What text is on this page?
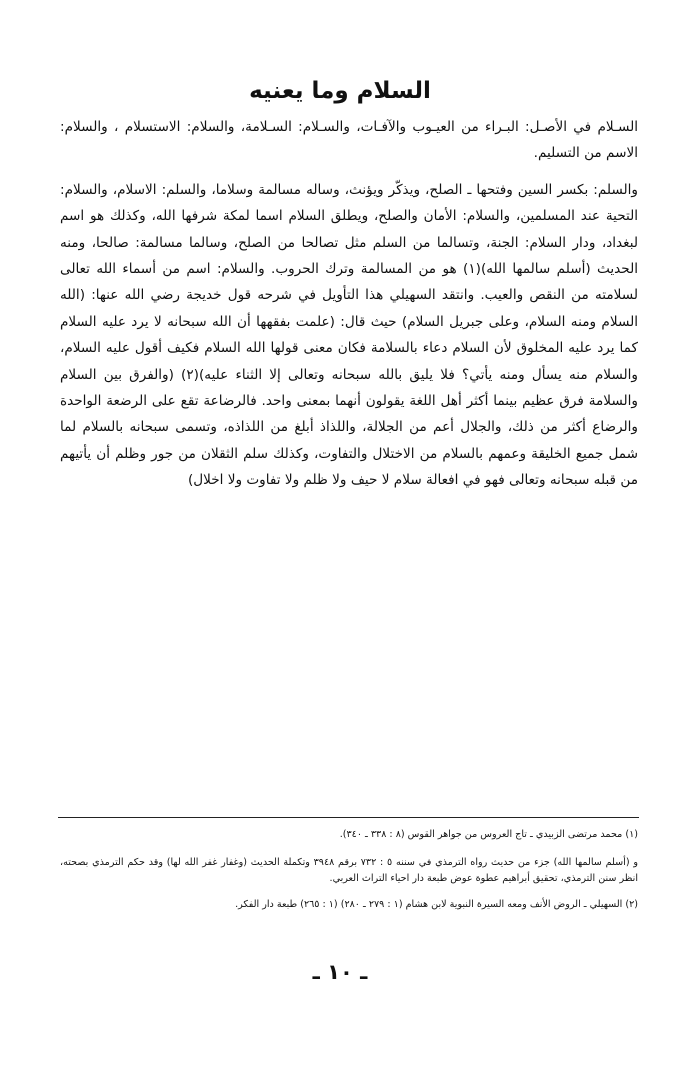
السلام وما يعنيه

السـلام في الأصـل: البـراء من العيـوب والآفـات، والسـلام: السـلامة، والسلام: الاستسلام ، والسلام: الاسم من التسليم.

والسلم: بكسر السين وفتحها ـ الصلح، ويذكّر ويؤنث، وساله مسالمة وسلاما، والسلم: الاسلام، والسلام: التحية عند المسلمين، والسلام: الأمان والصلح، ويطلق السلام اسما لمكة شرفها الله، وكذلك هو اسم لبغداد، ودار السلام: الجنة، وتسالما من السلم مثل تصالحا من الصلح، وسالما مسالمة: صالحا، ومنه الحديث (أسلم سالمها الله)(١) هو من المسالمة وترك الحروب. والسلام: اسم من أسماء الله تعالى لسلامته من النقص والعيب. وانتقد السهيلي هذا التأويل في شرحه قول خديجة رضي الله عنها: (الله السلام ومنه السلام، وعلى جبريل السلام) حيث قال: (علمت بفقهها أن الله سبحانه لا يرد عليه السلام كما يرد عليه المخلوق لأن السلام دعاء بالسلامة فكان معنى قولها الله السلام فكيف أقول عليه السلام، والسلام منه يسأل ومنه يأتي؟ فلا يليق بالله سبحانه وتعالى إلا الثناء عليه)(٢) (والفرق بين السلام والسلامة فرق عظيم بينما أكثر أهل اللغة يقولون أنهما بمعنى واحد. فالرضاعة تقع على الرضعة الواحدة والرضاع أكثر من ذلك، والجلال أعم من الجلالة، واللذاذ أبلغ من اللذاذه، وتسمى سبحانه بالسلام لما شمل جميع الخليقة وعمهم بالسلام من الاختلال والتفاوت، وكذلك سلم الثقلان من جور وظلم أن يأتيهم من قبله سبحانه وتعالى فهو في افعالة سلام لا حيف ولا ظلم ولا تفاوت ولا اخلال)

(١) محمد مرتضى الزبيدي ـ تاج العروس من جواهر القوس (٨ : ٣٣٨ ـ ٣٤٠).

و (أسلم سالمها الله) جزء من حديث رواه الترمذي في سننه ٥ : ٧٣٢ برقم ٣٩٤٨ وتكملة الحديث (وغفار غفر الله لها) وقد حكم الترمذي بصحته، انظر سنن الترمذي، تحقيق أبراهيم عطوة عوض طبعة دار احياء التراث العربي.

(٢) السهيلي ـ الروض الأنف ومعه السيرة النبوية لابن هشام (١ : ٢٧٩ ـ ٢٨٠) (١ : ٢٦٥) طبعة دار الفكر.

ـ ١٠ ـ
